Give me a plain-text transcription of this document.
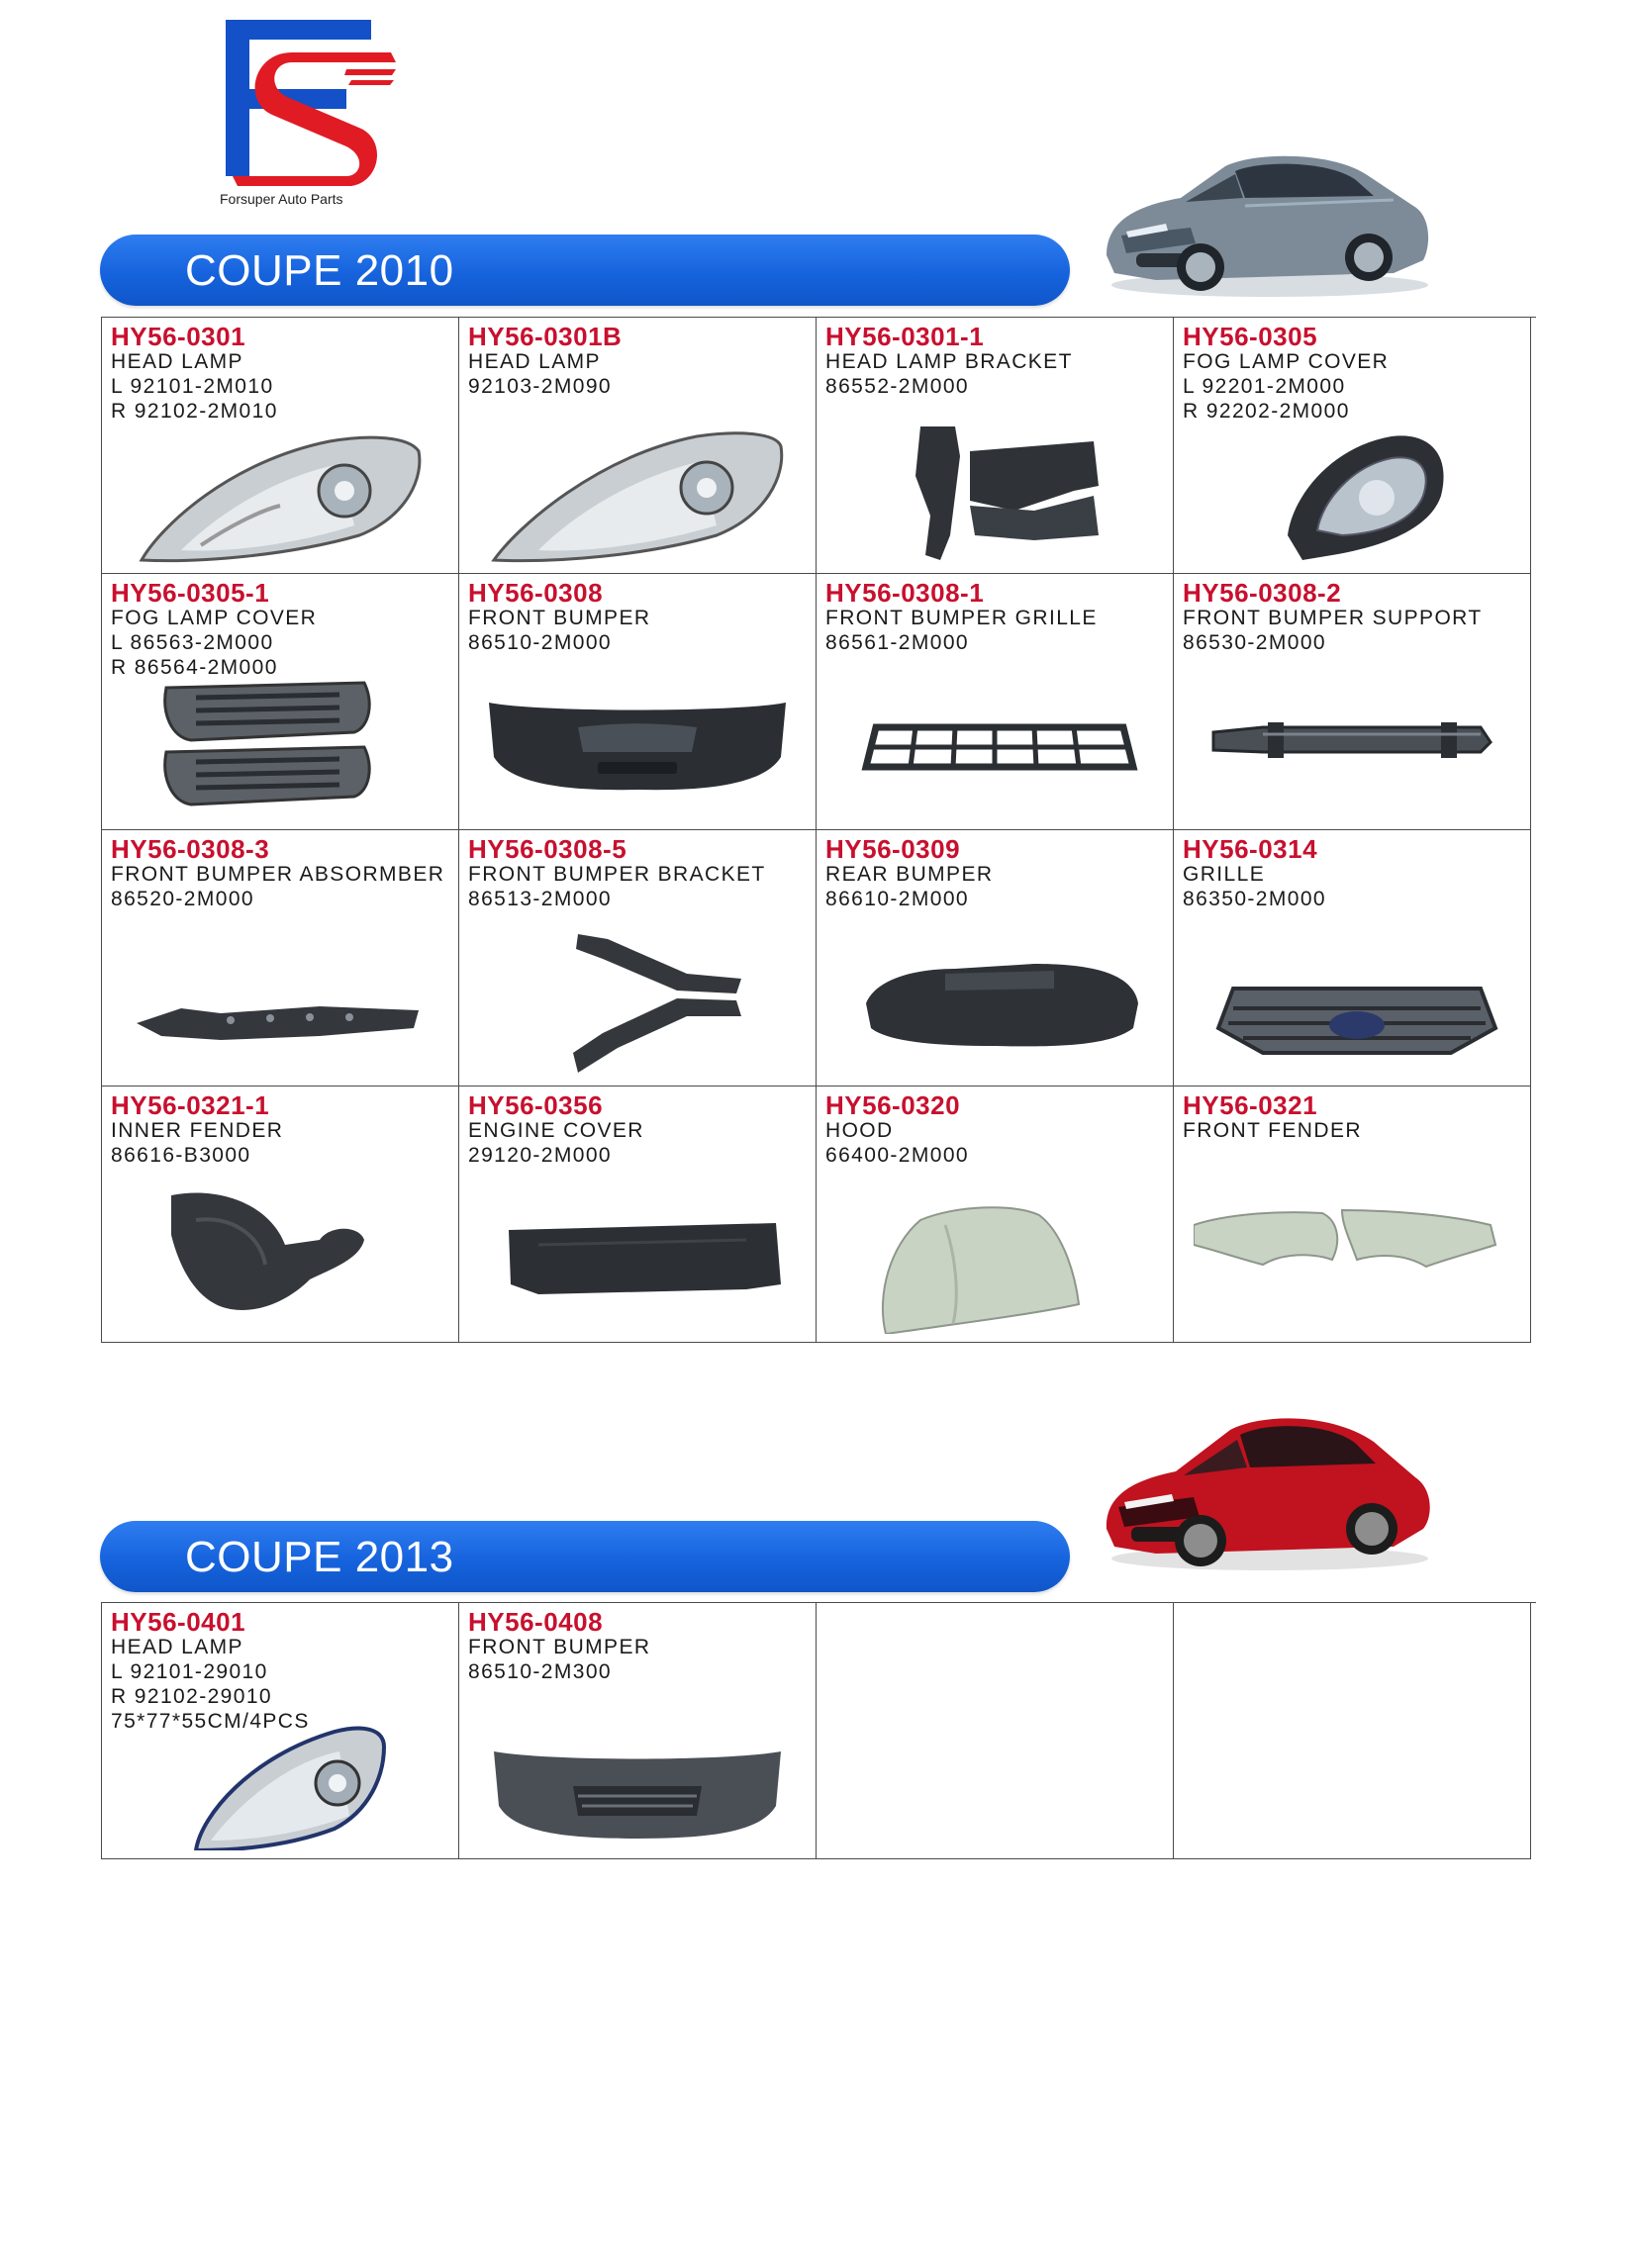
Forsuper Auto Parts
COUPE 2010
HY56-0301
HEAD LAMP
L 92101-2M010
R 92102-2M010
HY56-0301B
HEAD LAMP
92103-2M090
HY56-0301-1
HEAD LAMP BRACKET
86552-2M000
HY56-0305
FOG LAMP COVER
L 92201-2M000
R 92202-2M000
HY56-0305-1
FOG LAMP COVER
L 86563-2M000
R 86564-2M000
HY56-0308
FRONT BUMPER
86510-2M000
HY56-0308-1
FRONT BUMPER GRILLE
86561-2M000
HY56-0308-2
FRONT BUMPER SUPPORT
86530-2M000
HY56-0308-3
FRONT BUMPER ABSORMBER
86520-2M000
HY56-0308-5
FRONT BUMPER BRACKET
86513-2M000
HY56-0309
REAR BUMPER
86610-2M000
HY56-0314
GRILLE
86350-2M000
HY56-0321-1
INNER FENDER
86616-B3000
HY56-0356
ENGINE COVER
29120-2M000
HY56-0320
HOOD
66400-2M000
HY56-0321
FRONT FENDER
COUPE 2013
HY56-0401
HEAD LAMP
L 92101-29010
R 92102-29010
75*77*55CM/4PCS
HY56-0408
FRONT BUMPER
86510-2M300
